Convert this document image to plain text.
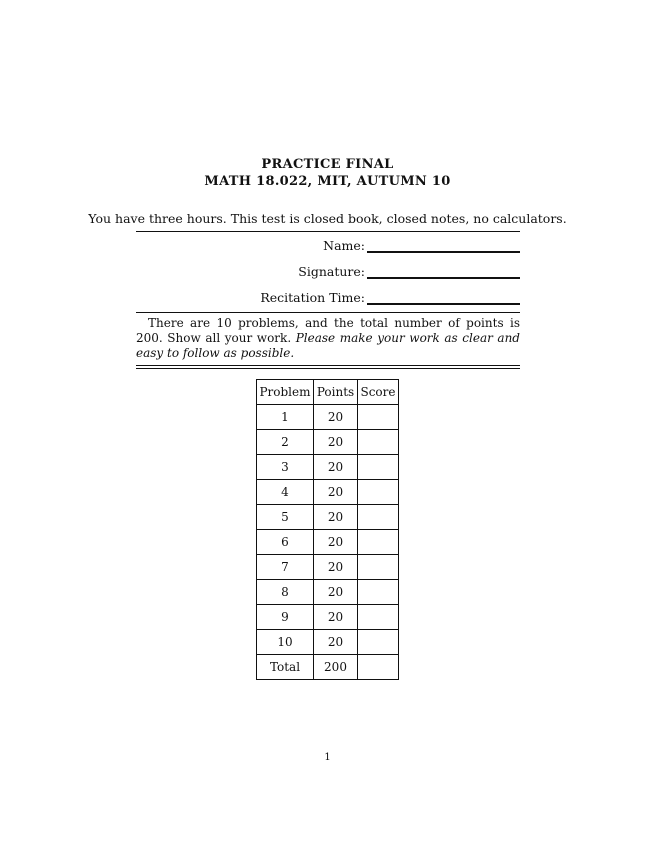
PRACTICE FINAL
MATH 18.022, MIT, AUTUMN 10
You have three hours. This test is closed book, closed notes, no calculators.
Name:
Signature:
Recitation Time:
There are 10 problems, and the total number of points is 200. Show all your work. Please make your work as clear and easy to follow as possible.
Problem	Points	Score
1	20	
2	20	
3	20	
4	20	
5	20	
6	20	
7	20	
8	20	
9	20	
10	20	
Total	200	
1
